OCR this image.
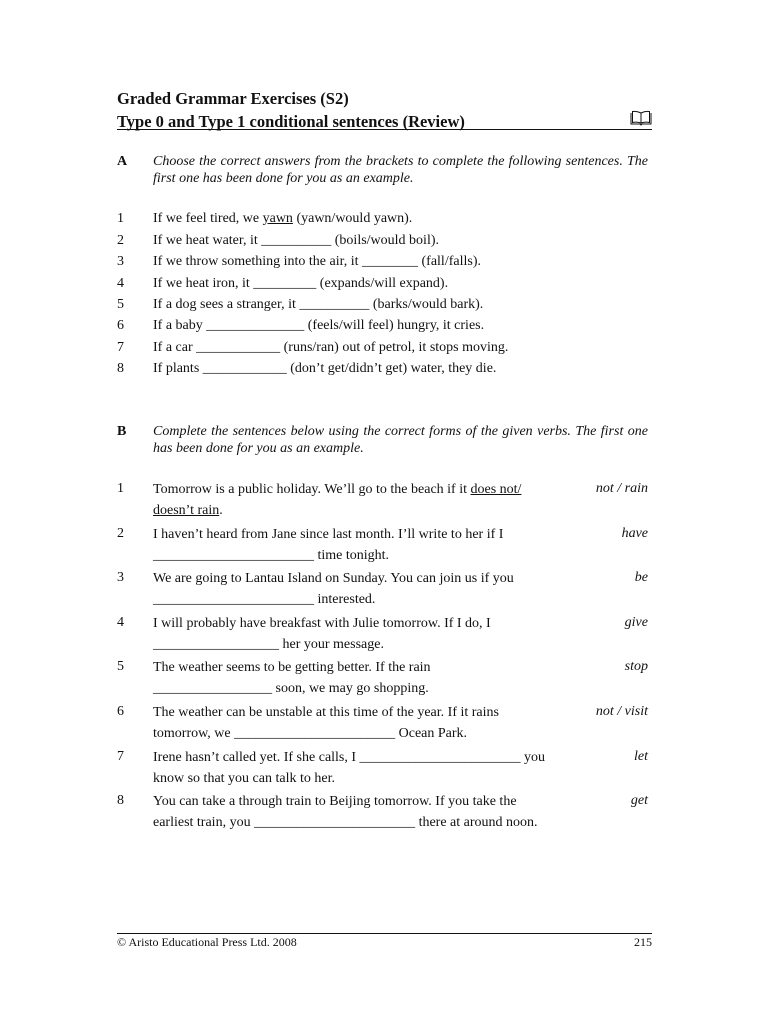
Graded Grammar Exercises (S2)
Type 0 and Type 1 conditional sentences (Review)
A Choose the correct answers from the brackets to complete the following sentences. The first one has been done for you as an example.
1 If we feel tired, we yawn (yawn/would yawn).
2 If we heat water, it __________ (boils/would boil).
3 If we throw something into the air, it ________ (fall/falls).
4 If we heat iron, it _________ (expands/will expand).
5 If a dog sees a stranger, it __________ (barks/would bark).
6 If a baby ______________ (feels/will feel) hungry, it cries.
7 If a car ____________ (runs/ran) out of petrol, it stops moving.
8 If plants ____________ (don’t get/didn’t get) water, they die.
B Complete the sentences below using the correct forms of the given verbs. The first one has been done for you as an example.
1 Tomorrow is a public holiday. We’ll go to the beach if it does not/
doesn’t rain.
not / rain
2 I haven’t heard from Jane since last month. I’ll write to her if I
_______________________ time tonight.
have
3 We are going to Lantau Island on Sunday. You can join us if you
_______________________ interested.
be
4 I will probably have breakfast with Julie tomorrow. If I do, I
__________________ her your message.
give
5 The weather seems to be getting better. If the rain
_________________ soon, we may go shopping.
stop
6 The weather can be unstable at this time of the year. If it rains
tomorrow, we _______________________ Ocean Park.
not / visit
7 Irene hasn’t called yet. If she calls, I _______________________ you
know so that you can talk to her.
let
8 You can take a through train to Beijing tomorrow. If you take the
earliest train, you _______________________ there at around noon.
get
© Aristo Educational Press Ltd. 2008	215
